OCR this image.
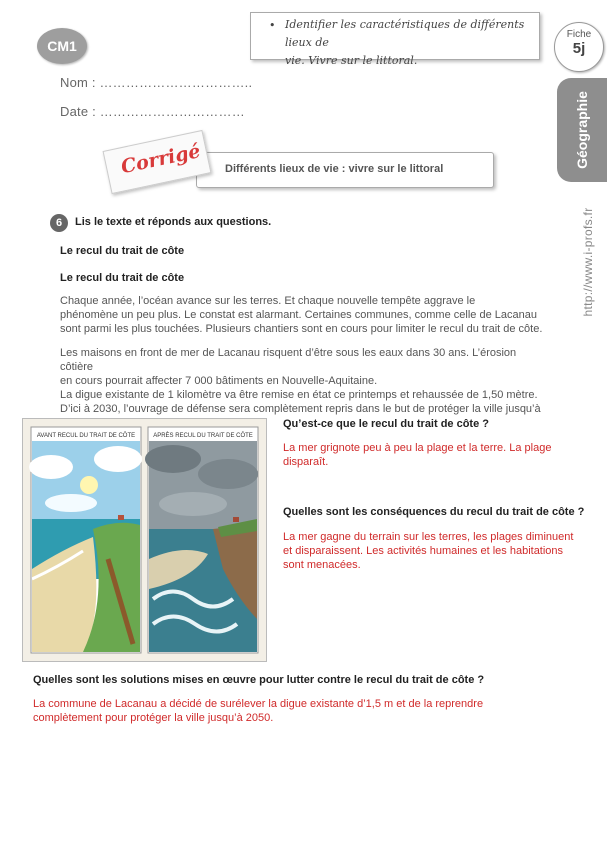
CM1
Nom : ……………………………..
Date : ……………………………
• Identifier les caractéristiques de différents lieux de
vie. Vivre sur le littoral.
Fiche
5j
Géographie
http://www.i-profs.fr
Différents lieux de vie : vivre sur le littoral
Corrigé
6	Lis le texte et réponds aux questions.
Le recul du trait de côte
Le recul du trait de côte

Chaque année, l’océan avance sur les terres. Et chaque nouvelle tempête aggrave le

phénomène un peu plus. Le constat est alarmant. Certaines communes, comme celle de Lacanau

sont parmi les plus touchées. Plusieurs chantiers sont en cours pour limiter le recul du trait de côte.

Les maisons en front de mer de Lacanau risquent d’être sous les eaux dans 30 ans. L’érosion côtière

en cours pourrait affecter 7 000 bâtiments en Nouvelle-Aquitaine.

La digue existante de 1 kilomètre va être remise en état ce printemps et rehaussée de 1,50 mètre.

D’ici à 2030, l’ouvrage de défense sera complètement repris dans le but de protéger la ville jusqu’à

AVANT RECUL DU TRAIT DE CÔTE	APRÈS RECUL DU TRAIT DE CÔTE
Qu’est-ce que le recul du trait de côte ?
La mer grignote peu à peu la plage et la terre. La plage
disparaît.
Quelles sont les conséquences du recul du trait de côte ?
La mer gagne du terrain sur les terres, les plages diminuent
et disparaissent. Les activités humaines et les habitations
sont menacées.
Quelles sont les solutions mises en œuvre pour lutter contre le recul du trait de côte ?
La commune de Lacanau a décidé de surélever la digue existante d’1,5 m et de la reprendre
complètement pour protéger la ville jusqu’à 2050.
